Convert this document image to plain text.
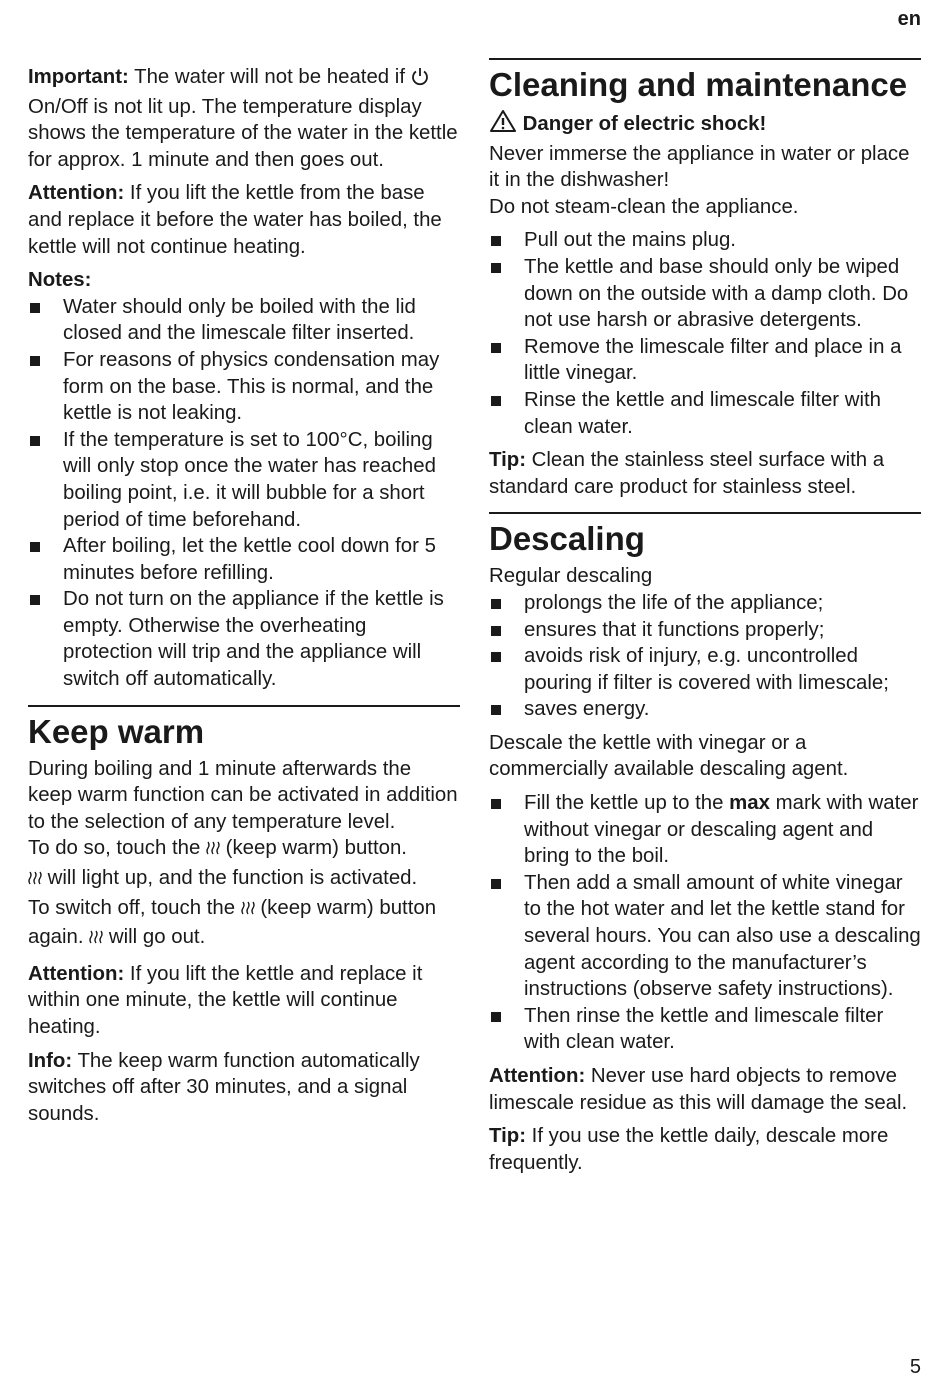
en

Important: The water will not be heated if  On/Off is not lit up. The temperature display shows the temperature of the water in the kettle for approx. 1 minute and then goes out.

Attention: If you lift the kettle from the base and replace it before the water has boiled, the kettle will not continue heating.

Notes:

Water should only be boiled with the lid closed and the limescale filter inserted.
For reasons of physics condensation may form on the base. This is normal, and the kettle is not leaking.
If the temperature is set to 100°C, boiling will only stop once the water has reached boiling point, i.e. it will bubble for a short period of time beforehand.
After boiling, let the kettle cool down for 5 minutes before refilling.
Do not turn on the appliance if the kettle is empty. Otherwise the overheating protection will trip and the appliance will switch off automatically.
Keep warm

During boiling and 1 minute afterwards the keep warm function can be activated in addition to the selection of any temperature level.

To do so, touch the  (keep warm) button.
will light up, and the function is activated.
To switch off, touch the  (keep warm) button again.  will go out.

Attention: If you lift the kettle and replace it within one minute, the kettle will continue heating.

Info: The keep warm function automatically switches off after 30 minutes, and a signal sounds.

Cleaning and maintenance

Danger of electric shock!

Never immerse the appliance in water or place it in the dishwasher!

Do not steam-clean the appliance.

Pull out the mains plug.
The kettle and base should only be wiped down on the outside with a damp cloth. Do not use harsh or abrasive detergents.
Remove the limescale filter and place in a little vinegar.
Rinse the kettle and limescale filter with clean water.

Tip: Clean the stainless steel surface with a standard care product for stainless steel.

Descaling

Regular descaling

prolongs the life of the appliance;
ensures that it functions properly;
avoids risk of injury, e.g. uncontrolled pouring if filter is covered with limescale;
saves energy.

Descale the kettle with vinegar or a commercially available descaling agent.

Fill the kettle up to the max mark with water without vinegar or descaling agent and bring to the boil.
Then add a small amount of white vinegar to the hot water and let the kettle stand for several hours. You can also use a descaling agent according to the manufacturer’s instructions (observe safety instructions).
Then rinse the kettle and limescale filter with clean water.

Attention: Never use hard objects to remove limescale residue as this will damage the seal.

Tip: If you use the kettle daily, descale more frequently.

5
